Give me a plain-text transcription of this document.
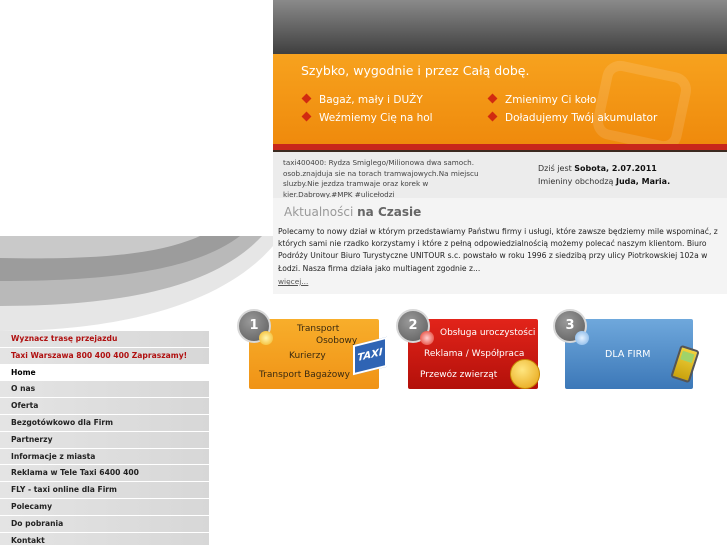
Szybko, wygodnie i przez Całą dobę.
Bagaż, mały i DUŻY	Zmienimy Ci koło
Weźmiemy Cię na hol	Doładujemy Twój akumulator
taxi400400: Rydza Smiglego/Milionowa dwa samoch. osob.znajduja sie na torach tramwajowych.Na miejscu sluzby.Nie jezdza tramwaje oraz korek w kier.Dabrowy.#MPK #ulicełodzi
Dziś jest Sobota, 2.07.2011
Imieniny obchodzą Juda, Maria.
Aktualności na Czasie
Polecamy to nowy dział w którym przedstawiamy Państwu firmy i usługi, które zawsze będziemy mile wspominać, z których sami nie rzadko korzystamy i które z pełną odpowiedzialnością możemy polecać naszym klientom. Biuro Podróży Unitour Biuro Turystyczne UNITOUR s.c. powstało w roku 1996 z siedzibą przy ulicy Piotrkowskiej 102a w Łodzi. Nasza firma działa jako multiagent zgodnie z...
więcej...
1	Transport
Osobowy
Kurierzy
Transport Bagażowy
TAXI
2	Obsługa uroczystości
Reklama / Współpraca
Przewóz zwierząt
3
DLA FIRM
Wyznacz trasę przejazdu
Taxi Warszawa 800 400 400 Zapraszamy!
Home
O nas
Oferta
Bezgotówkowo dla Firm
Partnerzy
Informacje z miasta
Reklama w Tele Taxi 6400 400
FLY - taxi online dla Firm
Polecamy
Do pobrania
Kontakt
